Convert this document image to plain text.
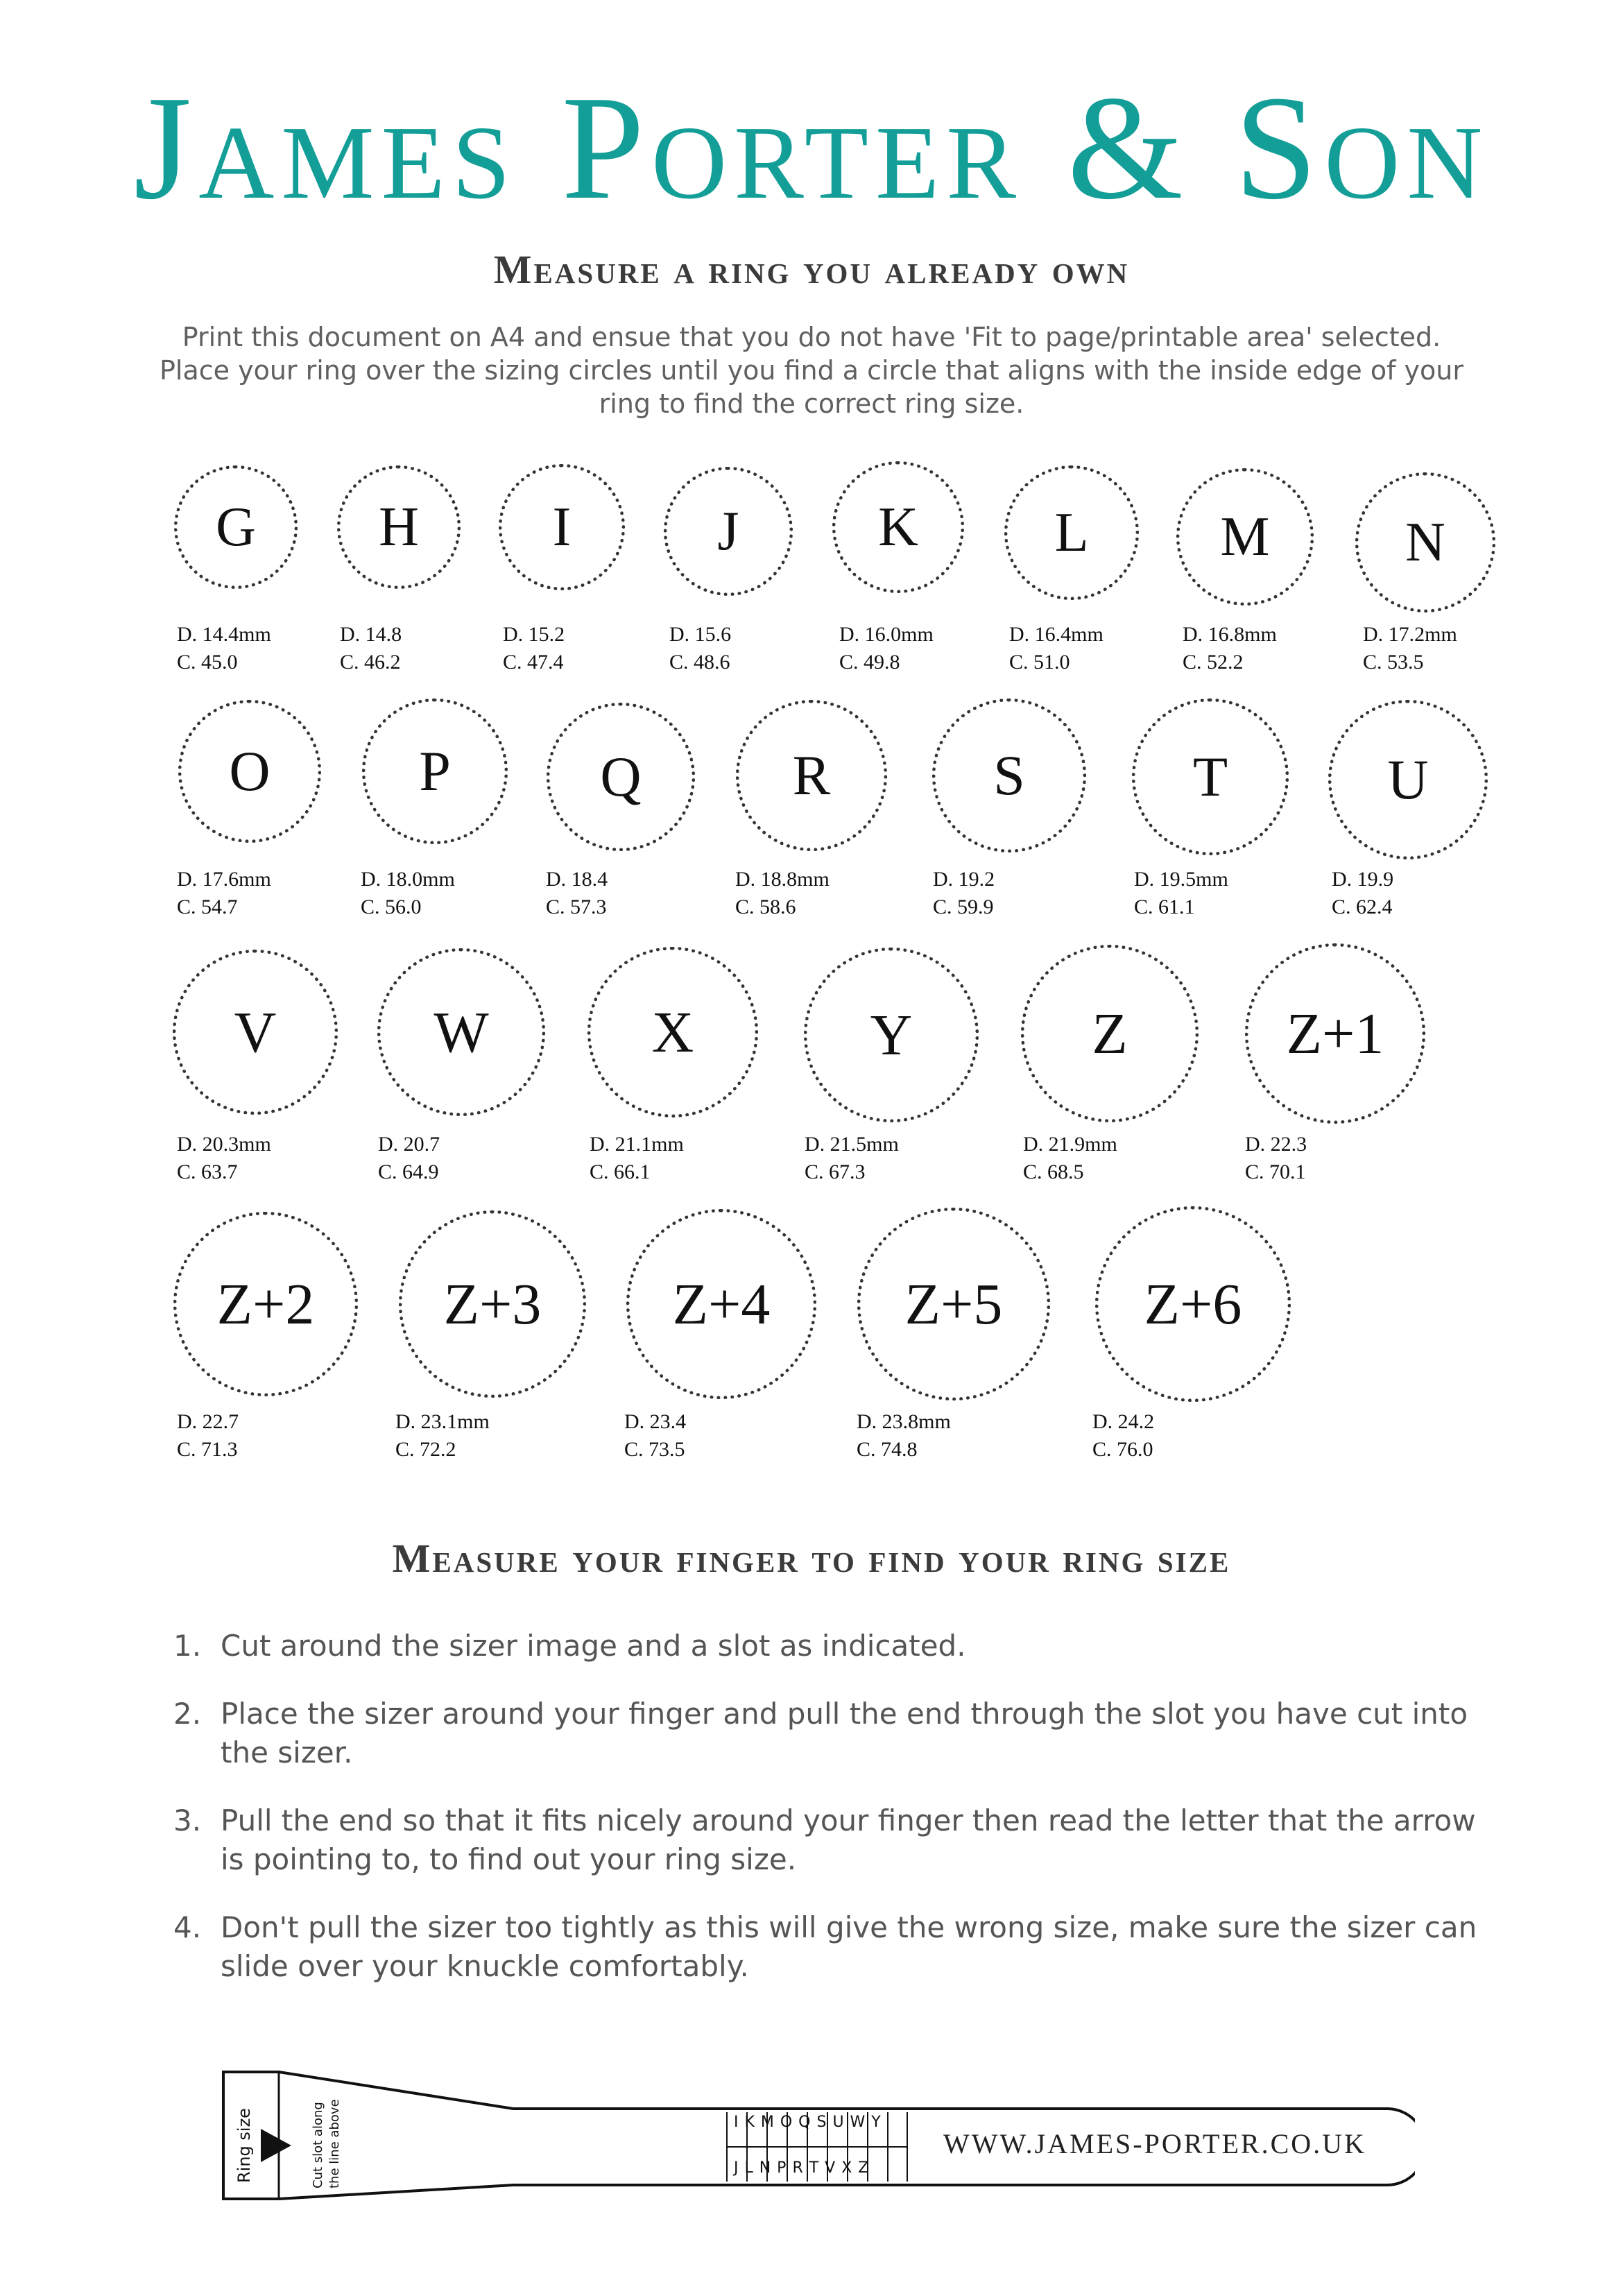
James Porter & Son
Measure a ring you already own
Print this document on A4 and ensue that you do not have 'Fit to page/printable area' selected. Place your ring over the sizing circles until you find a circle that aligns with the inside edge of your ring to find the correct ring size.
G
D. 14.4mm
C. 45.0
H
D. 14.8
C. 46.2
I
D. 15.2
C. 47.4
J
D. 15.6
C. 48.6
K
D. 16.0mm
C. 49.8
L
D. 16.4mm
C. 51.0
M
D. 16.8mm
C. 52.2
N
D. 17.2mm
C. 53.5
O
D. 17.6mm
C. 54.7
P
D. 18.0mm
C. 56.0
Q
D. 18.4
C. 57.3
R
D. 18.8mm
C. 58.6
S
D. 19.2
C. 59.9
T
D. 19.5mm
C. 61.1
U
D. 19.9
C. 62.4
V
D. 20.3mm
C. 63.7
W
D. 20.7
C. 64.9
X
D. 21.1mm
C. 66.1
Y
D. 21.5mm
C. 67.3
Z
D. 21.9mm
C. 68.5
Z+1
D. 22.3
C. 70.1
Z+2
D. 22.7
C. 71.3
Z+3
D. 23.1mm
C. 72.2
Z+4
D. 23.4
C. 73.5
Z+5
D. 23.8mm
C. 74.8
Z+6
D. 24.2
C. 76.0
Measure your finger to find your ring size
1. Cut around the sizer image and a slot as indicated.
2. Place the sizer around your finger and pull the end through the slot you have cut into the sizer.
3. Pull the end so that it fits nicely around your finger then read the letter that the arrow is pointing to, to find out your ring size.
4. Don't pull the sizer too tightly as this will give the wrong size, make sure the sizer can slide over your knuckle comfortably.
Ring size	Cut slot along the line above	I K M O Q S U W Y
J L N P R T V X Z
WWW.JAMES-PORTER.CO.UK
